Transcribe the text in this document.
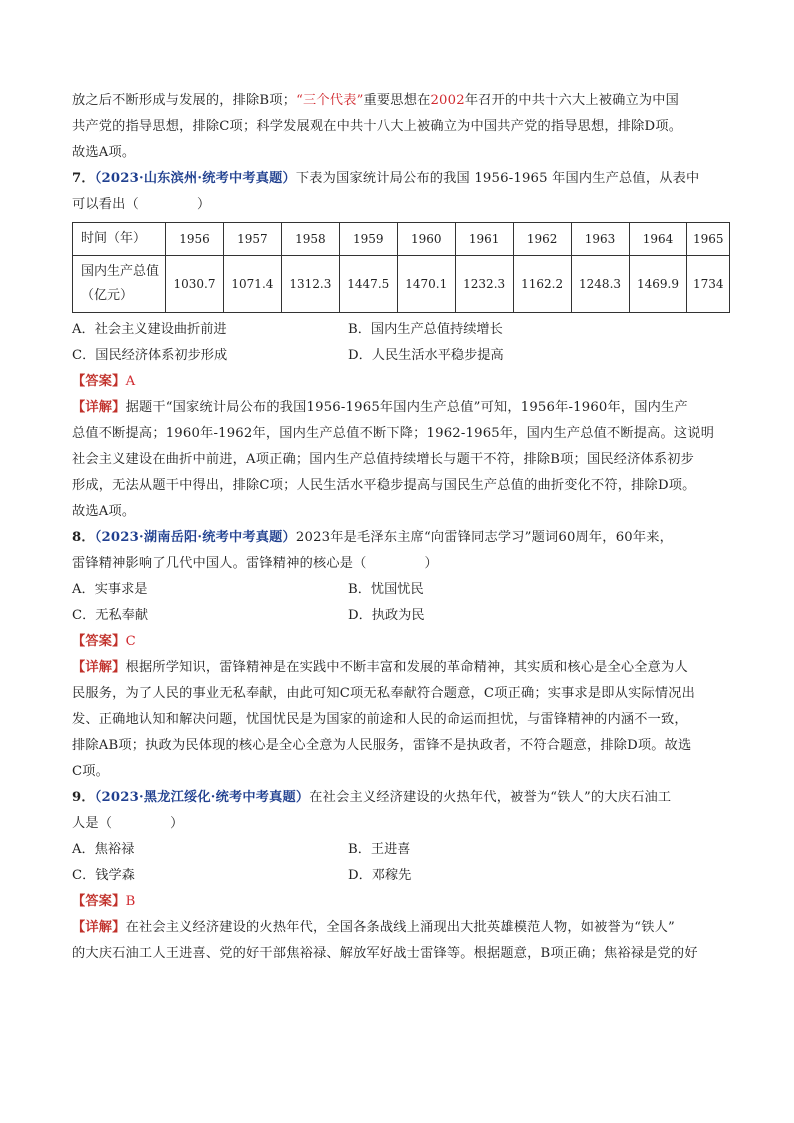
放之后不断形成与发展的，排除B项；“三个代表”重要思想在2002年召开的中共十六大上被确立为中国

共产党的指导思想，排除C项；科学发展观在中共十八大上被确立为中国共产党的指导思想，排除D项。

故选A项。

7．（2023·山东滨州·统考中考真题）下表为国家统计局公布的我国 1956-1965 年国内生产总值，从表中

可以看出（	）

时间（年）	1956	1957	1958	1959	1960	1961	1962	1963	1964	1965
国内生产总值
（亿元）	1030.7	1071.4	1312.3	1447.5	1470.1	1232.3	1162.2	1248.3	1469.9	1734
A．社会主义建设曲折前进	B．国内生产总值持续增长
C．国民经济体系初步形成	D．人民生活水平稳步提高

【答案】A

【详解】据题干“国家统计局公布的我国1956-1965年国内生产总值”可知，1956年-1960年，国内生产

总值不断提高；1960年-1962年，国内生产总值不断下降；1962-1965年，国内生产总值不断提高。这说明

社会主义建设在曲折中前进，A项正确；国内生产总值持续增长与题干不符，排除B项；国民经济体系初步

形成，无法从题干中得出，排除C项；人民生活水平稳步提高与国民生产总值的曲折变化不符，排除D项。

故选A项。

8．（2023·湖南岳阳·统考中考真题）2023年是毛泽东主席“向雷锋同志学习”题词60周年，60年来，

雷锋精神影响了几代中国人。雷锋精神的核心是（	）

A．实事求是	B．忧国忧民
C．无私奉献	D．执政为民

【答案】C

【详解】根据所学知识，雷锋精神是在实践中不断丰富和发展的革命精神，其实质和核心是全心全意为人

民服务，为了人民的事业无私奉献，由此可知C项无私奉献符合题意，C项正确；实事求是即从实际情况出

发、正确地认知和解决问题，忧国忧民是为国家的前途和人民的命运而担忧，与雷锋精神的内涵不一致，

排除AB项；执政为民体现的核心是全心全意为人民服务，雷锋不是执政者，不符合题意，排除D项。故选

C项。

9．（2023·黑龙江绥化·统考中考真题）在社会主义经济建设的火热年代，被誉为“铁人”的大庆石油工

人是（	）

A．焦裕禄	B．王进喜
C．钱学森	D．邓稼先

【答案】B

【详解】在社会主义经济建设的火热年代，全国各条战线上涌现出大批英雄模范人物，如被誉为“铁人”

的大庆石油工人王进喜、党的好干部焦裕禄、解放军好战士雷锋等。根据题意，B项正确；焦裕禄是党的好
